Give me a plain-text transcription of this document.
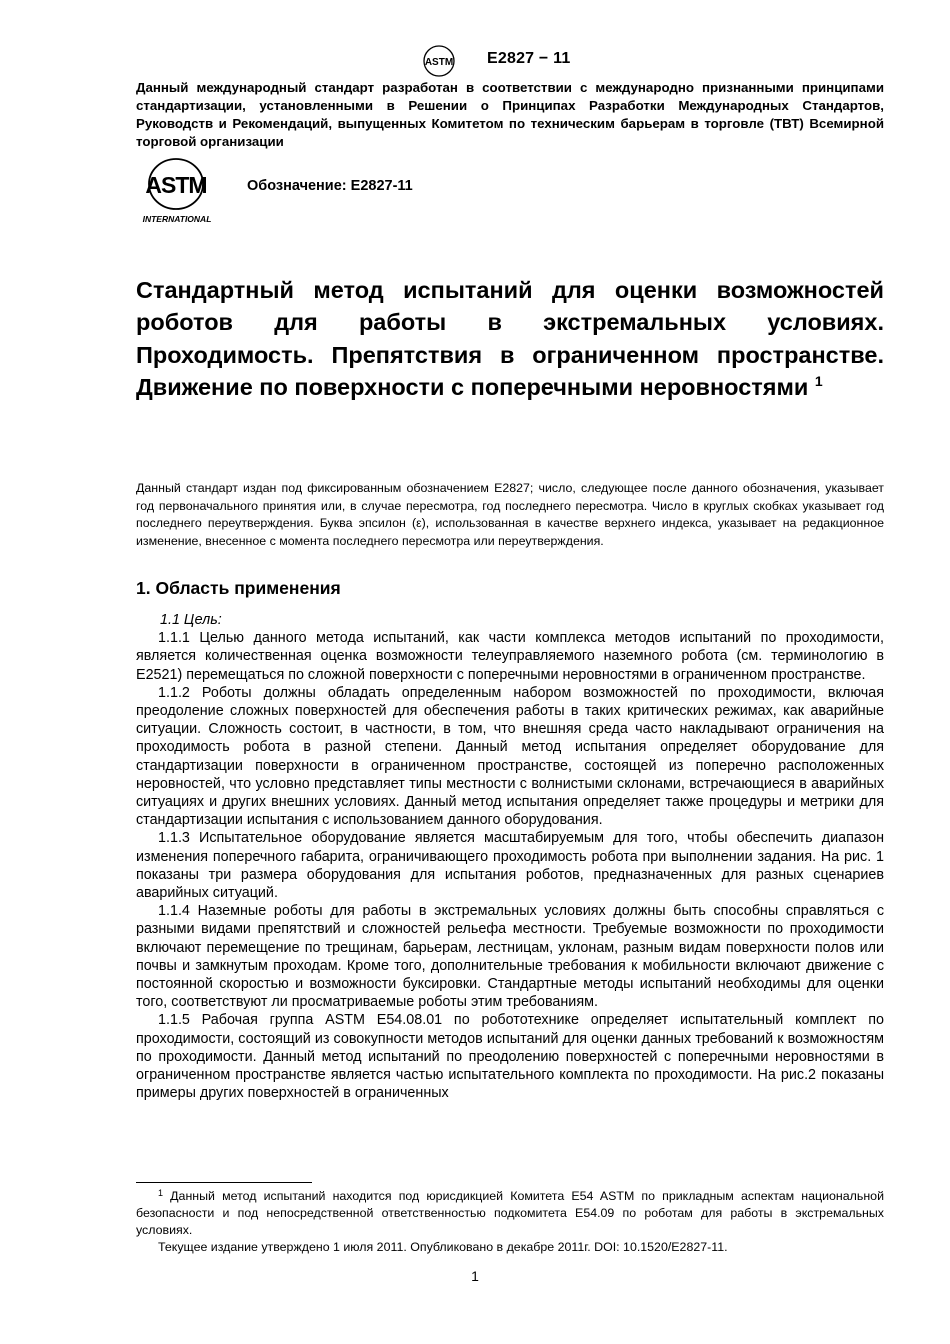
ASTM E2827 − 11
Данный международный стандарт разработан в соответствии с международно признанными принципами стандартизации, установленными в Решении о Принципах Разработки Международных Стандартов, Руководств и Рекомендаций, выпущенных Комитетом по техническим барьерам в торговле (ТВТ) Всемирной торговой организации
ASTM
INTERNATIONAL
Обозначение: E2827-11
Стандартный метод испытаний для оценки возможностей роботов для работы в экстремальных условиях. Проходимость. Препятствия в ограниченном пространстве. Движение по поверхности с поперечными неровностями $^1$
Данный стандарт издан под фиксированным обозначением E2827; число, следующее после данного обозначения, указывает год первоначального принятия или, в случае пересмотра, год последнего пересмотра. Число в круглых скобках указывает год последнего переутверждения. Буква эпсилон (ε), использованная в качестве верхнего индекса, указывает на редакционное изменение, внесенное с момента последнего пересмотра или переутверждения.
1. Область применения

1.1 Цель:

1.1.1 Целью данного метода испытаний, как части комплекса методов испытаний по проходимости, является количественная оценка возможности телеуправляемого наземного робота (см. терминологию в E2521) перемещаться по сложной поверхности с поперечными неровностями в ограниченном пространстве.

1.1.2 Роботы должны обладать определенным набором возможностей по проходимости, включая преодоление сложных поверхностей для обеспечения работы в таких критических режимах, как аварийные ситуации. Сложность состоит, в частности, в том, что внешняя среда часто накладывают ограничения на проходимость робота в разной степени. Данный метод испытания определяет оборудование для стандартизации поверхности в ограниченном пространстве, состоящей из поперечно расположенных неровностей, что условно представляет типы местности с волнистыми склонами, встречающиеся в аварийных ситуациях и других внешних условиях. Данный метод испытания определяет также процедуры и метрики для стандартизации испытания с использованием данного оборудования.

1.1.3 Испытательное оборудование является масштабируемым для того, чтобы обеспечить диапазон изменения поперечного габарита, ограничивающего проходимость робота при выполнении задания. На рис. 1 показаны три размера оборудования для испытания роботов, предназначенных для разных сценариев аварийных ситуаций.

1.1.4 Наземные роботы для работы в экстремальных условиях должны быть способны справляться с разными видами препятствий и сложностей рельефа местности. Требуемые возможности по проходимости включают перемещение по трещинам, барьерам, лестницам, уклонам, разным видам поверхности полов или почвы и замкнутым проходам. Кроме того, дополнительные требования к мобильности включают движение с постоянной скоростью и возможности буксировки. Стандартные методы испытаний необходимы для оценки того, соответствуют ли просматриваемые роботы этим требованиям.

1.1.5 Рабочая группа ASTM E54.08.01 по робототехнике определяет испытательный комплект по проходимости, состоящий из совокупности методов испытаний для оценки данных требований к возможностям по проходимости. Данный метод испытаний по преодолению поверхностей с поперечными неровностями в ограниченном пространстве является частью испытательного комплекта по проходимости. На рис.2 показаны примеры других поверхностей в ограниченных

$^1$ Данный метод испытаний находится под юрисдикцией Комитета E54 ASTM по прикладным аспектам национальной безопасности и под непосредственной ответственностью подкомитета E54.09 по роботам для работы в экстремальных условиях.

Текущее издание утверждено 1 июля 2011. Опубликовано в декабре 2011г. DOI: 10.1520/E2827-11.

1
